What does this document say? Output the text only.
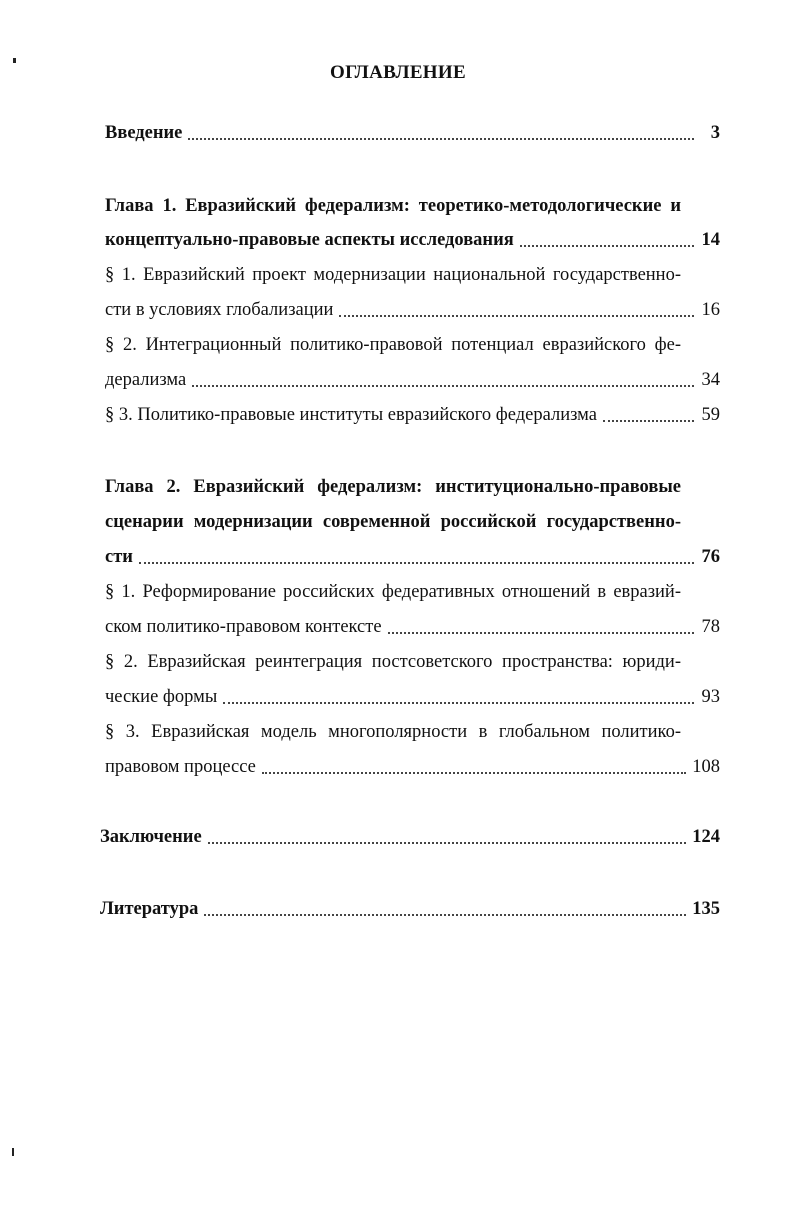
ОГЛАВЛЕНИЕ
Введение	3
Глава 1. Евразийский федерализм: теоретико-методологические и
концептуально-правовые аспекты исследования	14
§ 1. Евразийский проект модернизации национальной государственно-
сти в условиях глобализации	16
§ 2. Интеграционный политико-правовой потенциал евразийского фе-
дерализма	34
§ 3. Политико-правовые институты евразийского федерализма	59
Глава 2. Евразийский федерализм: институционально-правовые
сценарии модернизации современной российской государственно-
сти	76
§ 1. Реформирование российских федеративных отношений в евразий-
ском политико-правовом контексте	78
§ 2. Евразийская реинтеграция постсоветского пространства: юриди-
ческие формы	93
§ 3. Евразийская модель многополярности в глобальном политико-
правовом процессе	108
Заключение	124
Литература	135
